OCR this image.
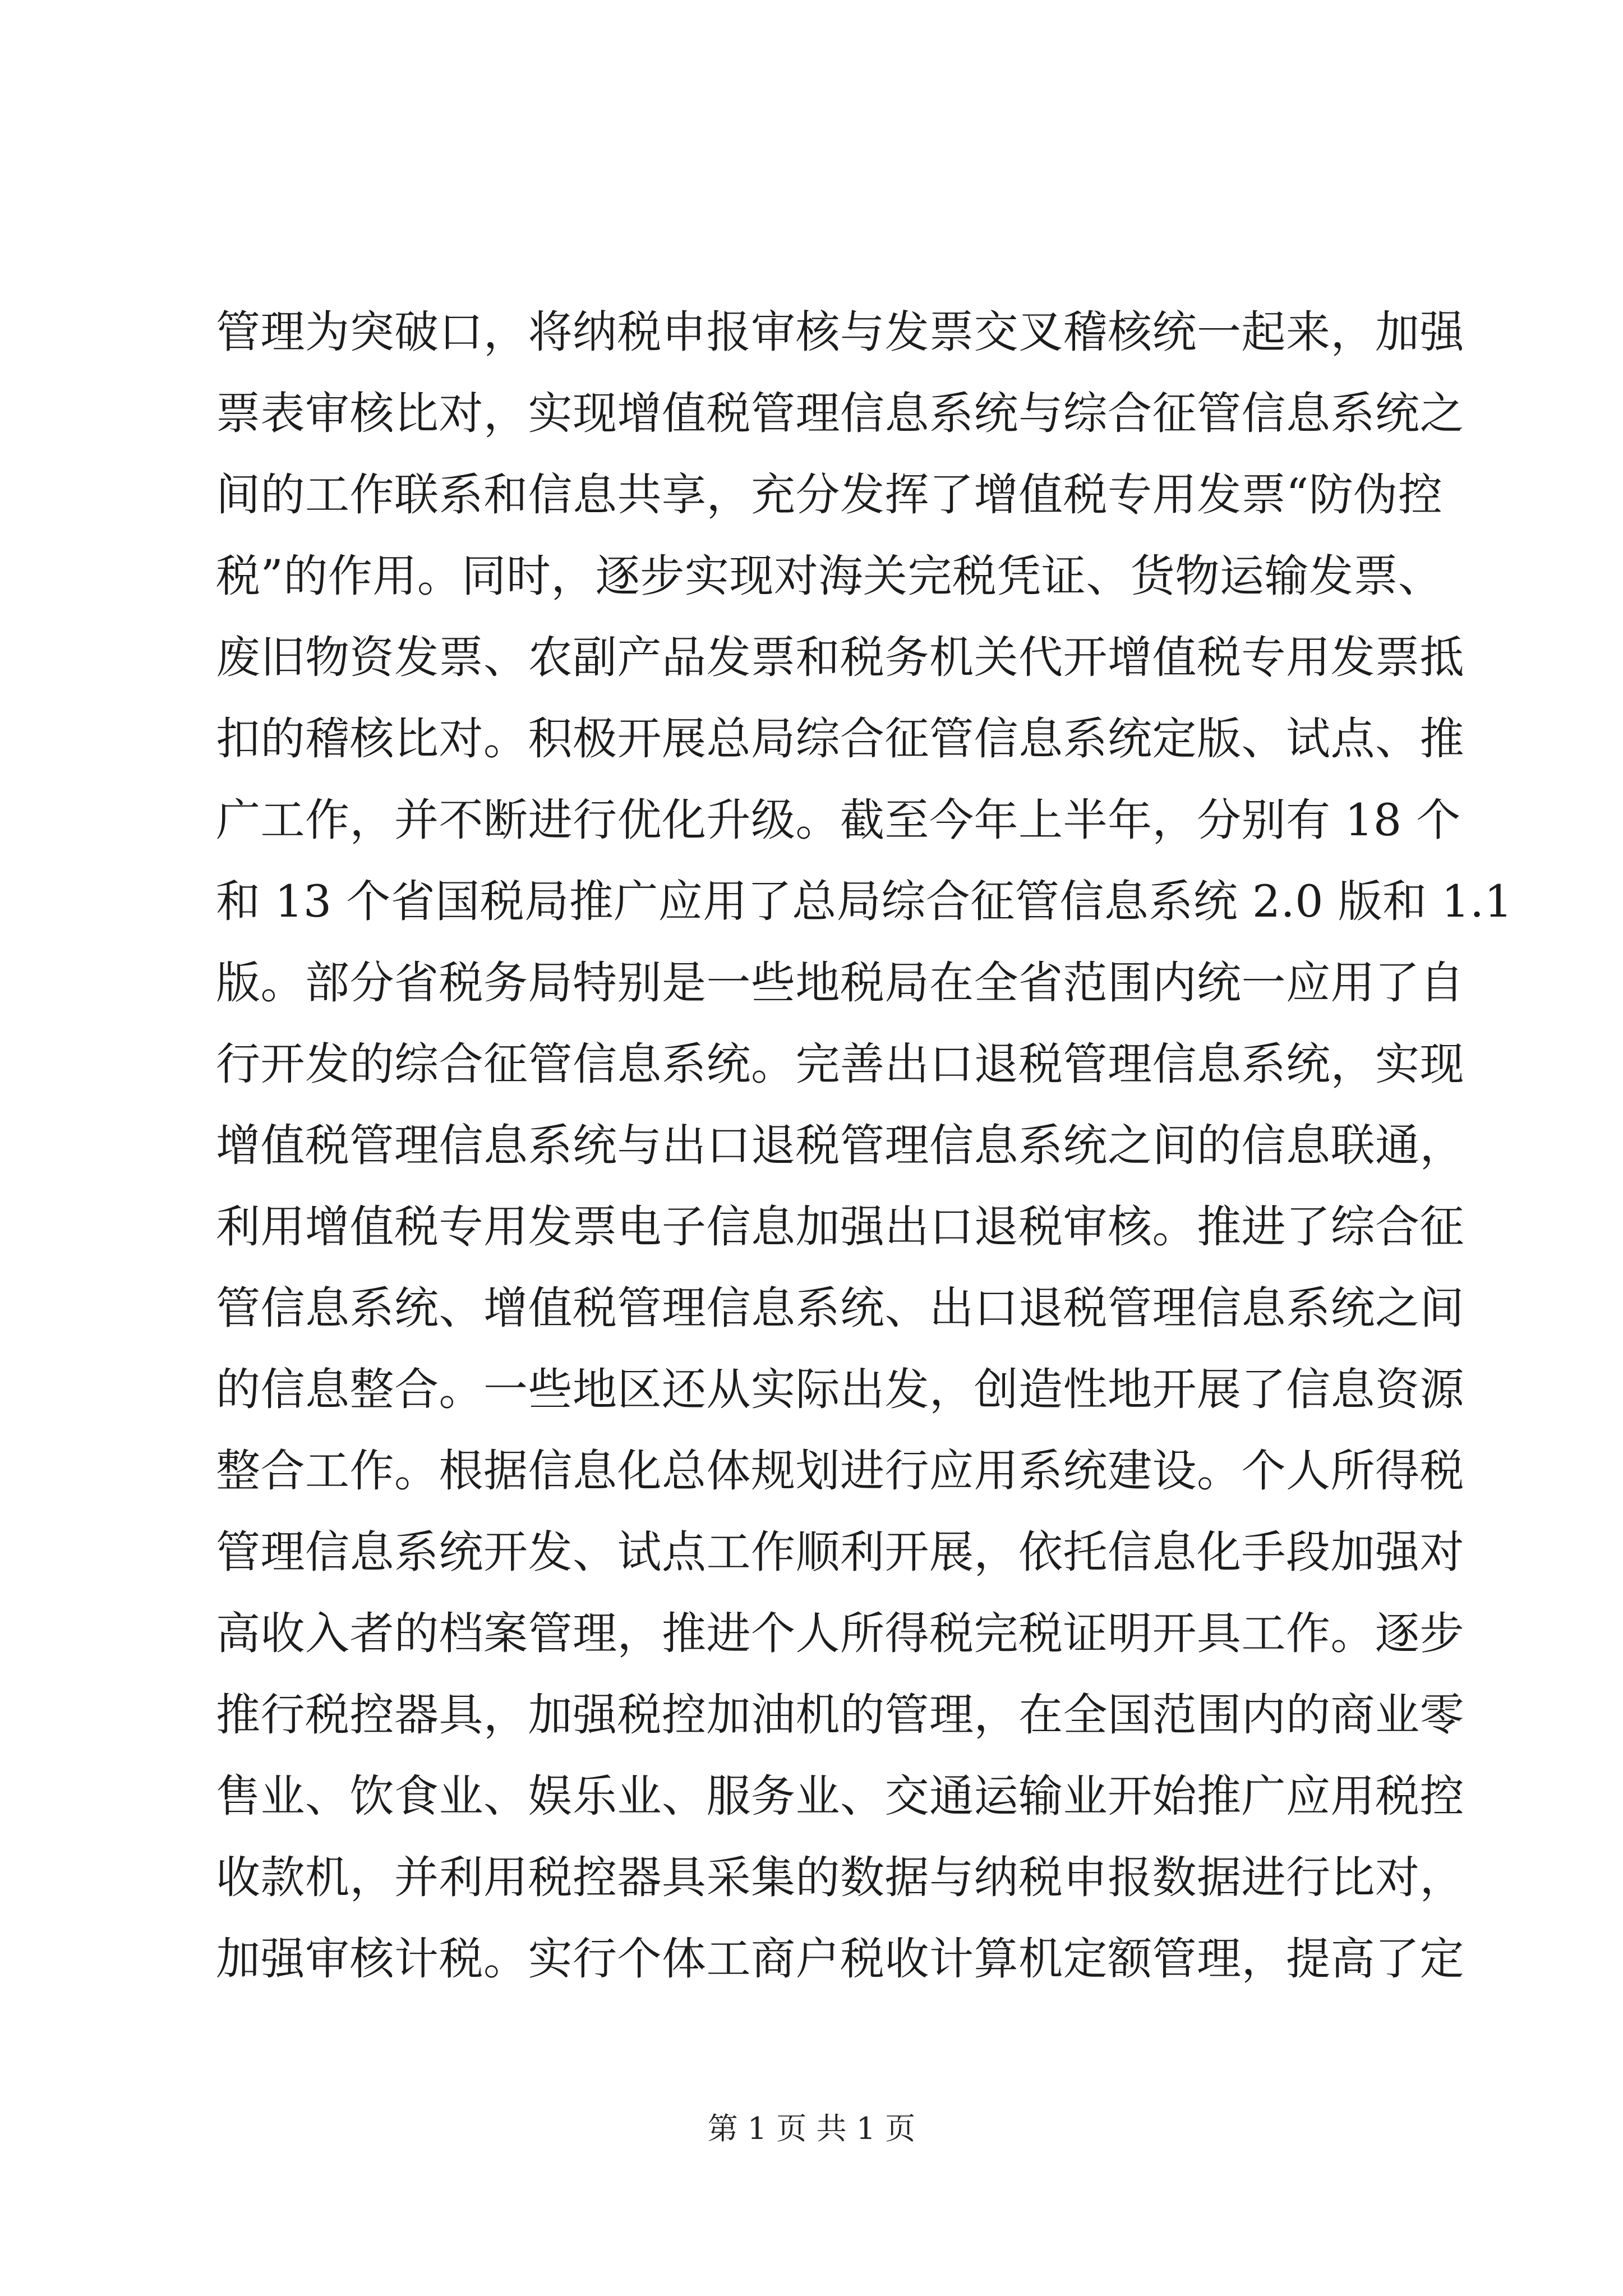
管理为突破口，将纳税申报审核与发票交叉稽核统一起来，加强
票表审核比对，实现增值税管理信息系统与综合征管信息系统之
间的工作联系和信息共享，充分发挥了增值税专用发票“防伪控
税”的作用。同时，逐步实现对海关完税凭证、货物运输发票、
废旧物资发票、农副产品发票和税务机关代开增值税专用发票抵
扣的稽核比对。积极开展总局综合征管信息系统定版、试点、推
广工作，并不断进行优化升级。截至今年上半年，分别有 18 个
和 13 个省国税局推广应用了总局综合征管信息系统 2.0 版和 1.1
版。部分省税务局特别是一些地税局在全省范围内统一应用了自
行开发的综合征管信息系统。完善出口退税管理信息系统，实现
增值税管理信息系统与出口退税管理信息系统之间的信息联通，
利用增值税专用发票电子信息加强出口退税审核。推进了综合征
管信息系统、增值税管理信息系统、出口退税管理信息系统之间
的信息整合。一些地区还从实际出发，创造性地开展了信息资源
整合工作。根据信息化总体规划进行应用系统建设。个人所得税
管理信息系统开发、试点工作顺利开展，依托信息化手段加强对
高收入者的档案管理，推进个人所得税完税证明开具工作。逐步
推行税控器具，加强税控加油机的管理，在全国范围内的商业零
售业、饮食业、娱乐业、服务业、交通运输业开始推广应用税控
收款机，并利用税控器具采集的数据与纳税申报数据进行比对，
加强审核计税。实行个体工商户税收计算机定额管理，提高了定
第 1 页 共 1 页
